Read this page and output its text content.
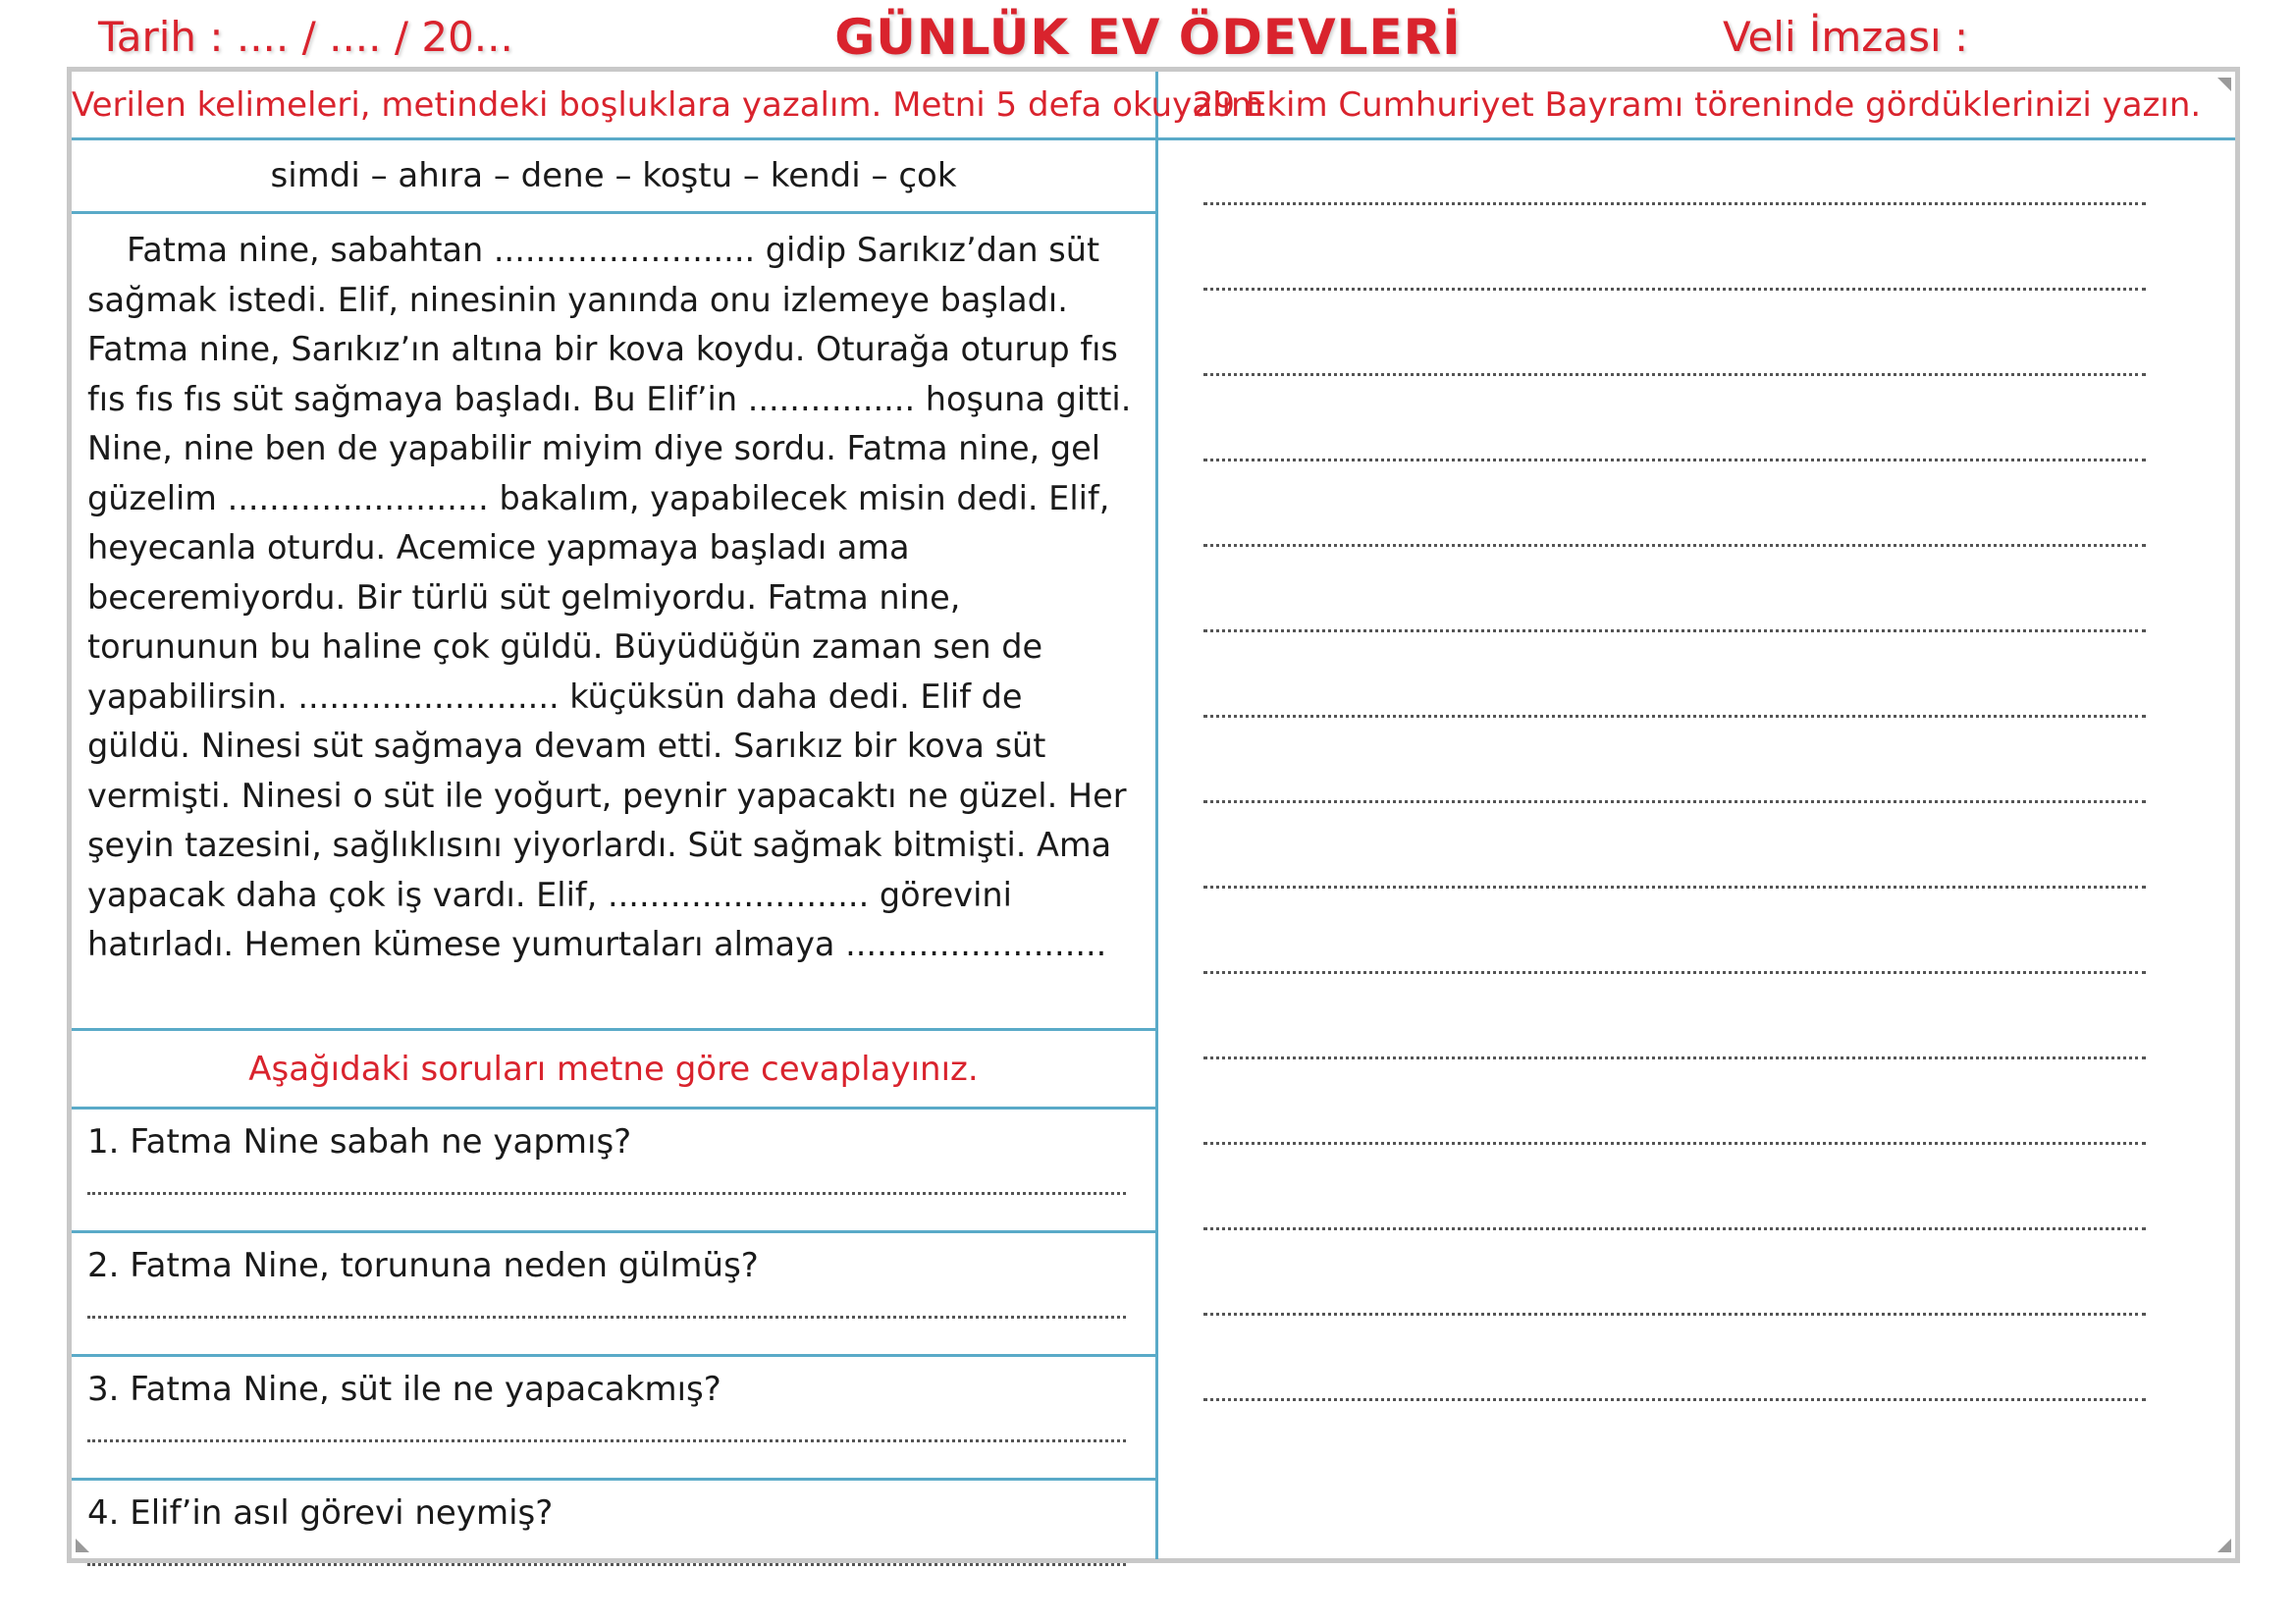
Tarih : .... / .... / 20...	GÜNLÜK EV ÖDEVLERİ	Veli İmzası :
Verilen kelimeleri, metindeki boşluklara yazalım. Metni 5 defa okuyalım
simdi – ahıra – dene – koştu – kendi – çok

Fatma nine, sabahtan ......................... gidip Sarıkız’dan süt sağmak istedi. Elif, ninesinin yanında onu izlemeye başladı. Fatma nine, Sarıkız’ın altına bir kova koydu. Oturağa oturup fıs fıs fıs fıs süt sağmaya başladı. Bu Elif’in ................ hoşuna gitti. Nine, nine ben de yapabilir miyim diye sordu. Fatma nine, gel güzelim ......................... bakalım, yapabilecek misin dedi. Elif, heyecanla oturdu. Acemice yapmaya başladı ama beceremiyordu. Bir türlü süt gelmiyordu. Fatma nine, torununun bu haline çok güldü. Büyüdüğün zaman sen de yapabilirsin. ......................... küçüksün daha dedi. Elif de güldü. Ninesi süt sağmaya devam etti. Sarıkız bir kova süt vermişti. Ninesi o süt ile yoğurt, peynir yapacaktı ne güzel. Her şeyin tazesini, sağlıklısını yiyorlardı. Süt sağmak bitmişti. Ama yapacak daha çok iş vardı. Elif, ......................... görevini hatırladı. Hemen kümese yumurtaları almaya .........................

Aşağıdaki soruları metne göre cevaplayınız.
1. Fatma Nine sabah ne yapmış?
2. Fatma Nine, torununa neden gülmüş?
3. Fatma Nine, süt ile ne yapacakmış?
4. Elif’in asıl görevi neymiş?
29 Ekim Cumhuriyet Bayramı töreninde gördüklerinizi yazın.
